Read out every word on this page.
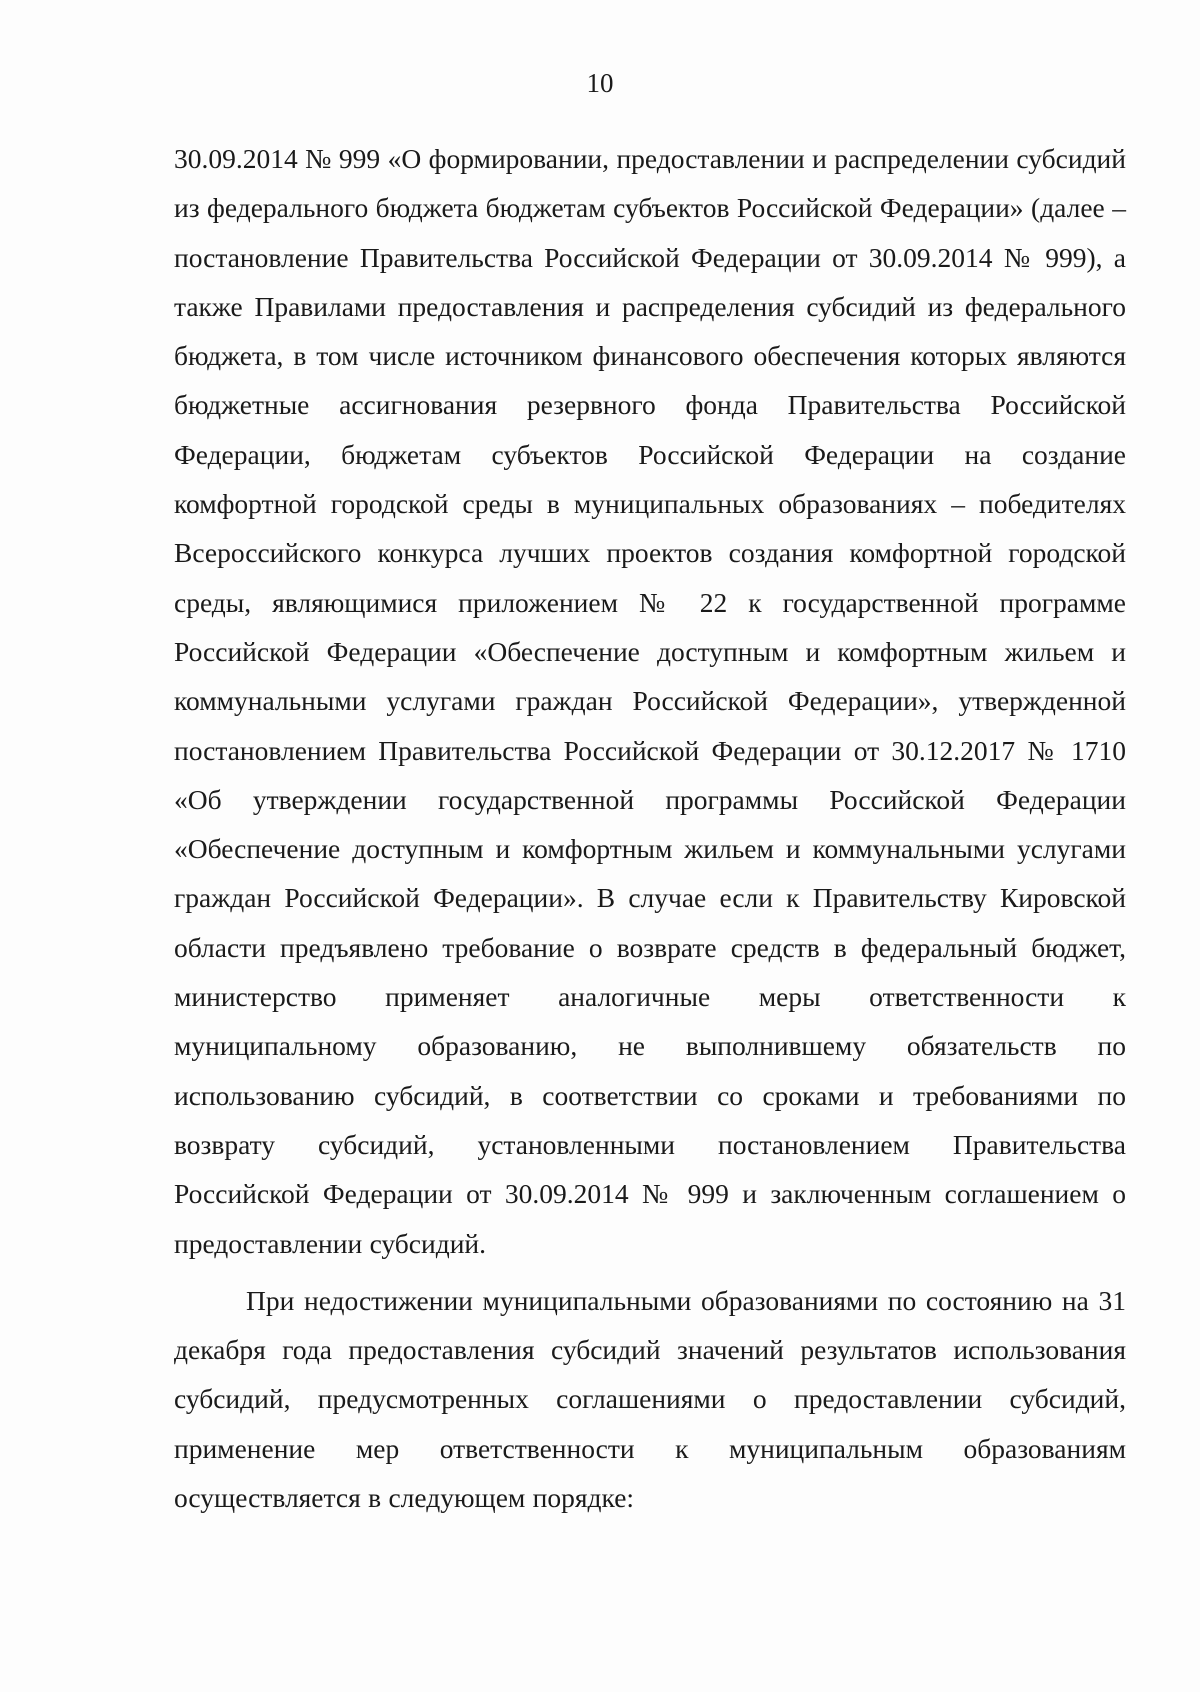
10

30.09.2014 № 999 «О формировании, предоставлении и распределении субсидий из федерального бюджета бюджетам субъектов Российской Федерации» (далее – постановление Правительства Российской Федерации от 30.09.2014 № 999), а также Правилами предоставления и распределения субсидий из федерального бюджета, в том числе источником финансового обеспечения которых являются бюджетные ассигнования резервного фонда Правительства Российской Федерации, бюджетам субъектов Российской Федерации на создание комфортной городской среды в муниципальных образованиях – победителях Всероссийского конкурса лучших проектов создания комфортной городской среды, являющимися приложением № 22 к государственной программе Российской Федерации «Обеспечение доступным и комфортным жильем и коммунальными услугами граждан Российской Федерации», утвержденной постановлением Правительства Российской Федерации от 30.12.2017 № 1710 «Об утверждении государственной программы Российской Федерации «Обеспечение доступным и комфортным жильем и коммунальными услугами граждан Российской Федерации». В случае если к Правительству Кировской области предъявлено требование о возврате средств в федеральный бюджет, министерство применяет аналогичные меры ответственности к муниципальному образованию, не выполнившему обязательств по использованию субсидий, в соответствии со сроками и требованиями по возврату субсидий, установленными постановлением Правительства Российской Федерации от 30.09.2014 № 999 и заключенным соглашением о предоставлении субсидий.

При недостижении муниципальными образованиями по состоянию на 31 декабря года предоставления субсидий значений результатов использования субсидий, предусмотренных соглашениями о предоставлении субсидий, применение мер ответственности к муниципальным образованиям осуществляется в следующем порядке:
